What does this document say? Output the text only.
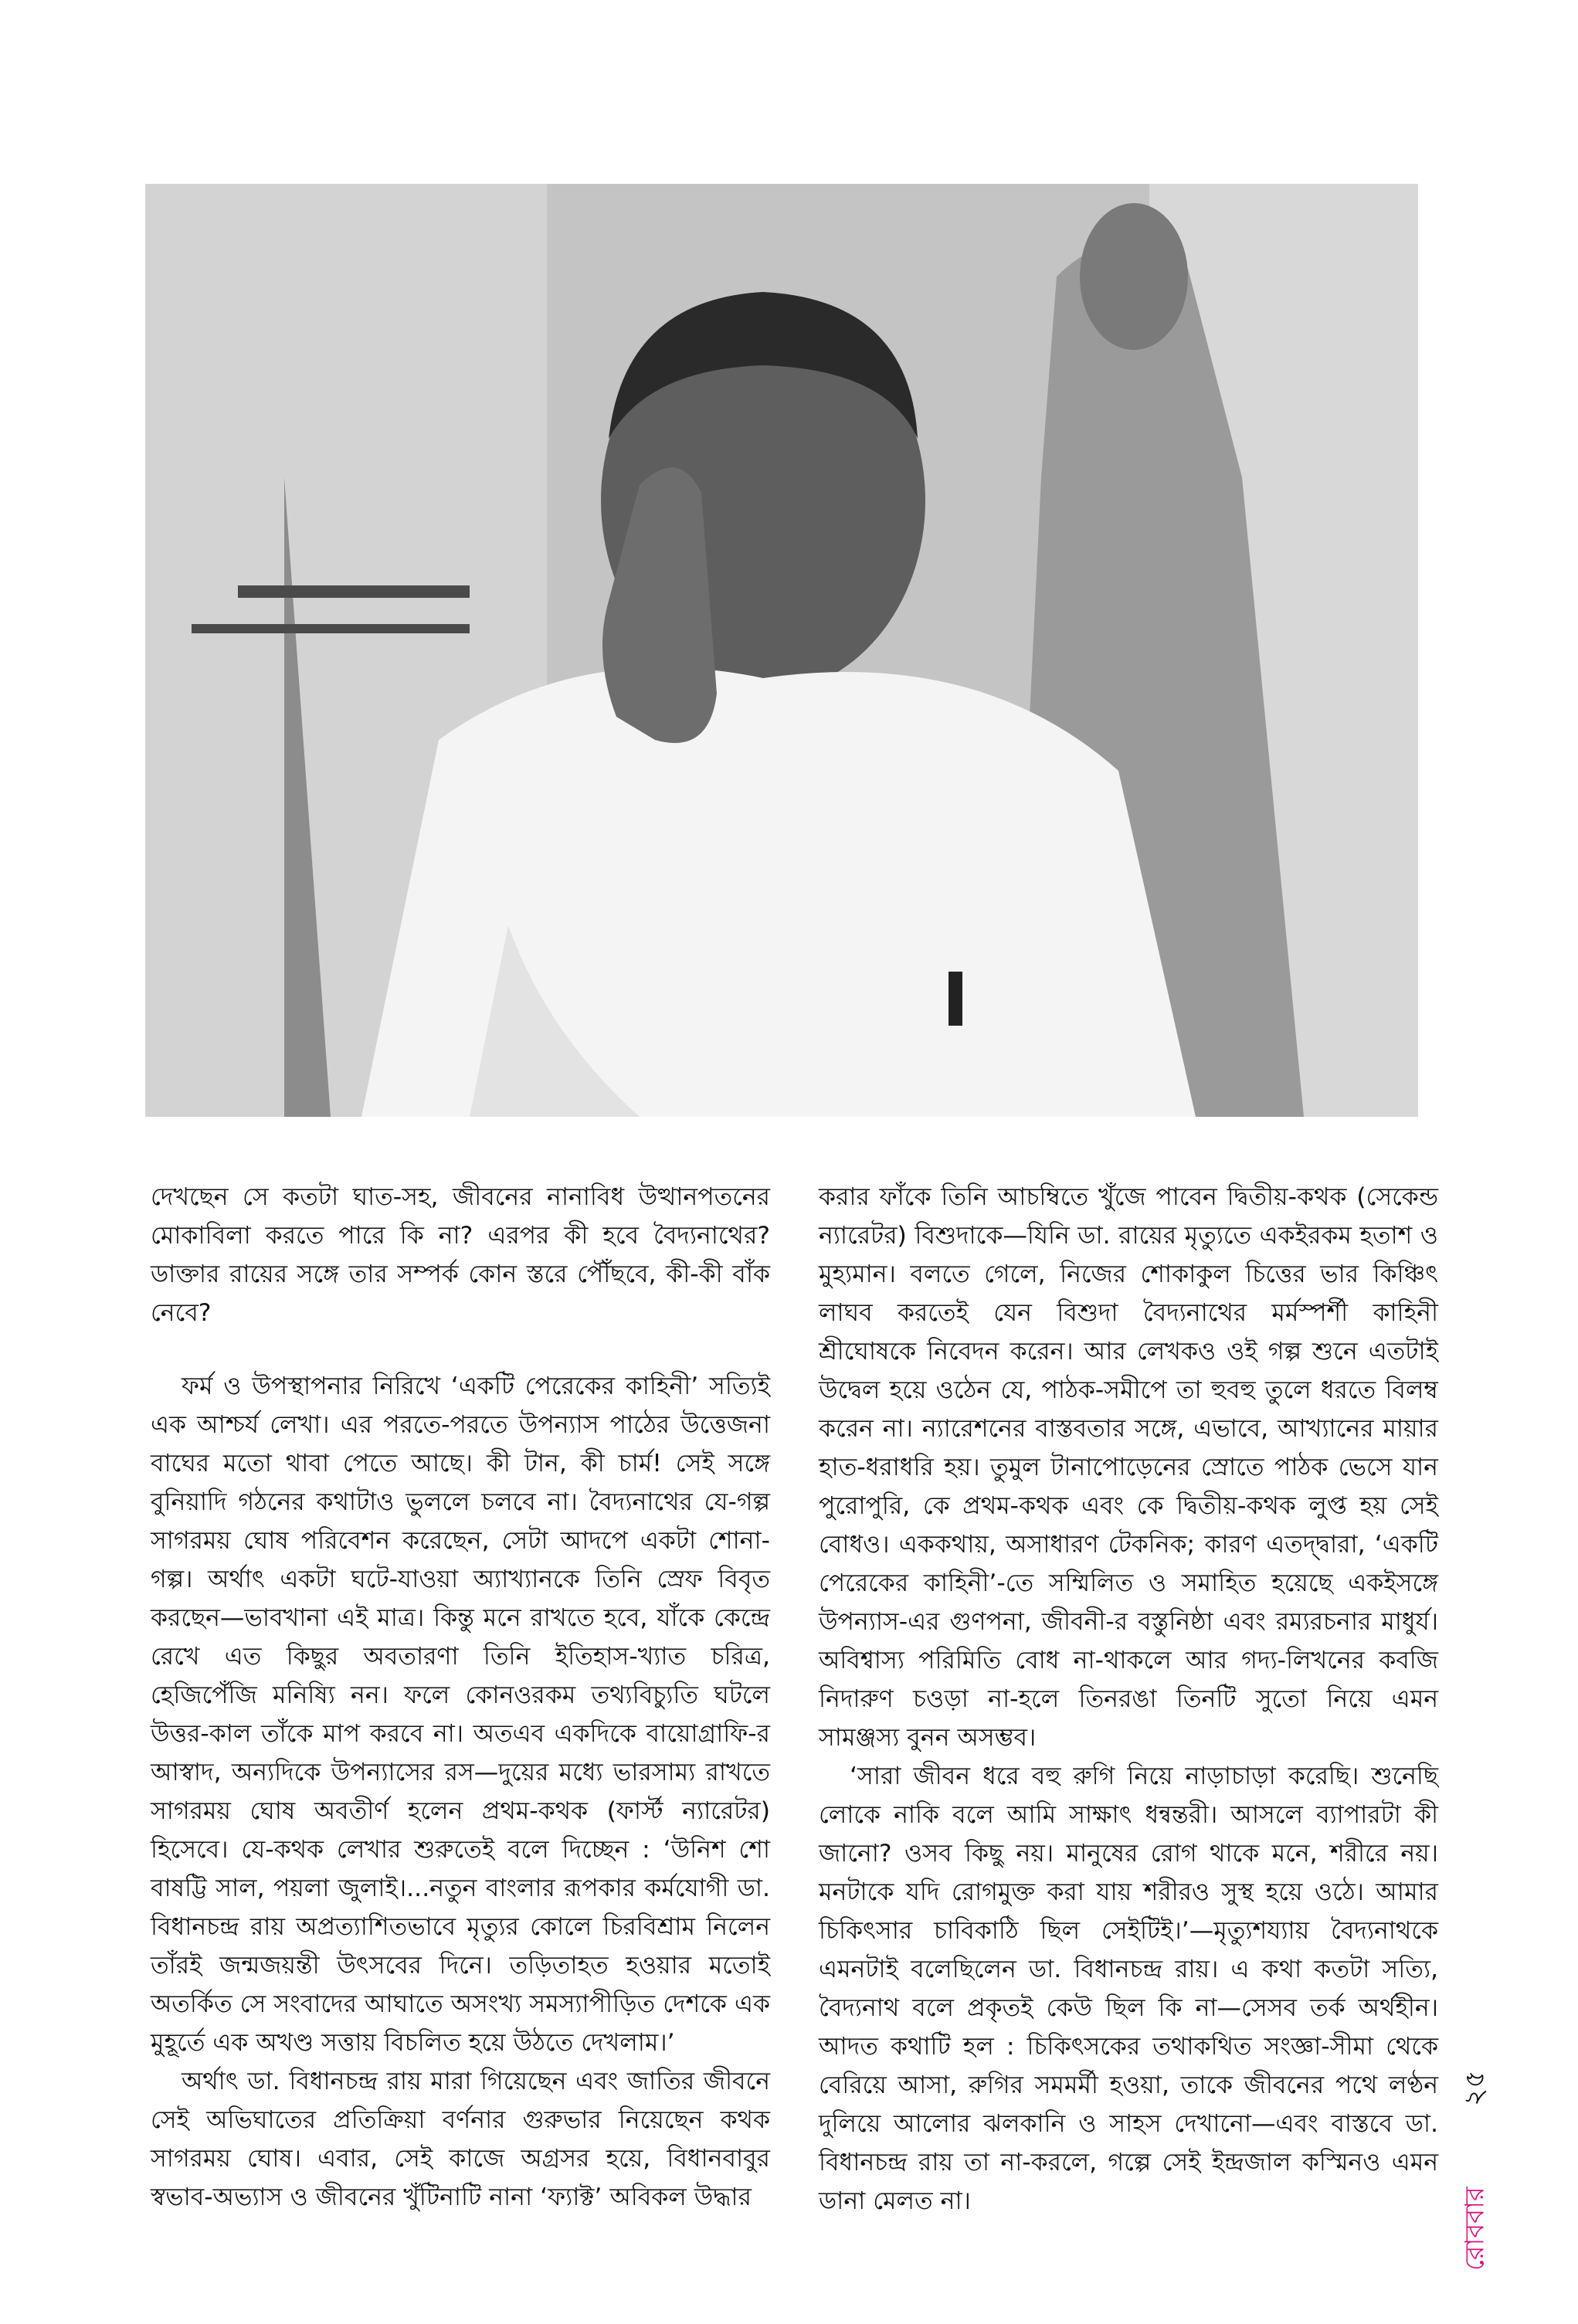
দেখছেন সে কতটা ঘাত-সহ, জীবনের নানাবিধ উত্থানপতনের মোকাবিলা করতে পারে কি না? এরপর কী হবে বৈদ্যনাথের? ডাক্তার রায়ের সঙ্গে তার সম্পর্ক কোন স্তরে পৌঁছবে, কী-কী বাঁক নেবে?

ফর্ম ও উপস্থাপনার নিরিখে ‘একটি পেরেকের কাহিনী’ সত্যিই এক আশ্চর্য লেখা। এর পরতে-পরতে উপন্যাস পাঠের উত্তেজনা বাঘের মতো থাবা পেতে আছে। কী টান, কী চার্ম! সেই সঙ্গে বুনিয়াদি গঠনের কথাটাও ভুললে চলবে না। বৈদ্যনাথের যে-গল্প সাগরময় ঘোষ পরিবেশন করেছেন, সেটা আদপে একটা শোনা-গল্প। অর্থাৎ একটা ঘটে-যাওয়া অ্যাখ্যানকে তিনি স্রেফ বিবৃত করছেন—ভাবখানা এই মাত্র। কিন্তু মনে রাখতে হবে, যাঁকে কেন্দ্রে রেখে এত কিছুর অবতারণা তিনি ইতিহাস-খ্যাত চরিত্র, হেজিপেঁজি মনিষ্যি নন। ফলে কোনওরকম তথ্যবিচ্যুতি ঘটলে উত্তর-কাল তাঁকে মাপ করবে না। অতএব একদিকে বায়োগ্রাফি-র আস্বাদ, অন্যদিকে উপন্যাসের রস—দুয়ের মধ্যে ভারসাম্য রাখতে সাগরময় ঘোষ অবতীর্ণ হলেন প্রথম-কথক (ফার্স্ট ন্যারেটর) হিসেবে। যে-কথক লেখার শুরুতেই বলে দিচ্ছেন : ‘উনিশ শো বাষট্টি সাল, পয়লা জুলাই।...নতুন বাংলার রূপকার কর্মযোগী ডা. বিধানচন্দ্র রায় অপ্রত্যাশিতভাবে মৃত্যুর কোলে চিরবিশ্রাম নিলেন তাঁরই জন্মজয়ন্তী উৎসবের দিনে। তড়িতাহত হওয়ার মতোই অতর্কিত সে সংবাদের আঘাতে অসংখ্য সমস্যাপীড়িত দেশকে এক মুহূর্তে এক অখণ্ড সত্তায় বিচলিত হয়ে উঠতে দেখলাম।’

অর্থাৎ ডা. বিধানচন্দ্র রায় মারা গিয়েছেন এবং জাতির জীবনে সেই অভিঘাতের প্রতিক্রিয়া বর্ণনার গুরুভার নিয়েছেন কথক সাগরময় ঘোষ। এবার, সেই কাজে অগ্রসর হয়ে, বিধানবাবুর স্বভাব-অভ্যাস ও জীবনের খুঁটিনাটি নানা ‘ফ্যাক্ট’ অবিকল উদ্ধার

করার ফাঁকে তিনি আচম্বিতে খুঁজে পাবেন দ্বিতীয়-কথক (সেকেন্ড ন্যারেটর) বিশুদাকে—যিনি ডা. রায়ের মৃত্যুতে একইরকম হতাশ ও মুহ্যমান। বলতে গেলে, নিজের শোকাকুল চিত্তের ভার কিঞ্চিৎ লাঘব করতেই যেন বিশুদা বৈদ্যনাথের মর্মস্পর্শী কাহিনী শ্রীঘোষকে নিবেদন করেন। আর লেখকও ওই গল্প শুনে এতটাই উদ্বেল হয়ে ওঠেন যে, পাঠক-সমীপে তা হুবহু তুলে ধরতে বিলম্ব করেন না। ন্যারেশনের বাস্তবতার সঙ্গে, এভাবে, আখ্যানের মায়ার হাত-ধরাধরি হয়। তুমুল টানাপোড়েনের স্রোতে পাঠক ভেসে যান পুরোপুরি, কে প্রথম-কথক এবং কে দ্বিতীয়-কথক লুপ্ত হয় সেই বোধও। এককথায়, অসাধারণ টেকনিক; কারণ এতদ্দ্বারা, ‘একটি পেরেকের কাহিনী’-তে সম্মিলিত ও সমাহিত হয়েছে একইসঙ্গে উপন্যাস-এর গুণপনা, জীবনী-র বস্তুনিষ্ঠা এবং রম্যরচনার মাধুর্য। অবিশ্বাস্য পরিমিতি বোধ না-থাকলে আর গদ্য-লিখনের কবজি নিদারুণ চওড়া না-হলে তিনরঙা তিনটি সুতো নিয়ে এমন সামঞ্জস্য বুনন অসম্ভব।

‘সারা জীবন ধরে বহু রুগি নিয়ে নাড়াচাড়া করেছি। শুনেছি লোকে নাকি বলে আমি সাক্ষাৎ ধন্বন্তরী। আসলে ব্যাপারটা কী জানো? ওসব কিছু নয়। মানুষের রোগ থাকে মনে, শরীরে নয়। মনটাকে যদি রোগমুক্ত করা যায় শরীরও সুস্থ হয়ে ওঠে। আমার চিকিৎসার চাবিকাঠি ছিল সেইটিই।’—মৃত্যুশয্যায় বৈদ্যনাথকে এমনটাই বলেছিলেন ডা. বিধানচন্দ্র রায়। এ কথা কতটা সত্যি, বৈদ্যনাথ বলে প্রকৃতই কেউ ছিল কি না—সেসব তর্ক অর্থহীন। আদত কথাটি হল : চিকিৎসকের তথাকথিত সংজ্ঞা-সীমা থেকে বেরিয়ে আসা, রুগির সমমর্মী হওয়া, তাকে জীবনের পথে লণ্ঠন দুলিয়ে আলোর ঝলকানি ও সাহস দেখানো—এবং বাস্তবে ডা. বিধানচন্দ্র রায় তা না-করলে, গল্পে সেই ইন্দ্রজাল কস্মিনও এমন ডানা মেলত না।	রোববার
২৫
